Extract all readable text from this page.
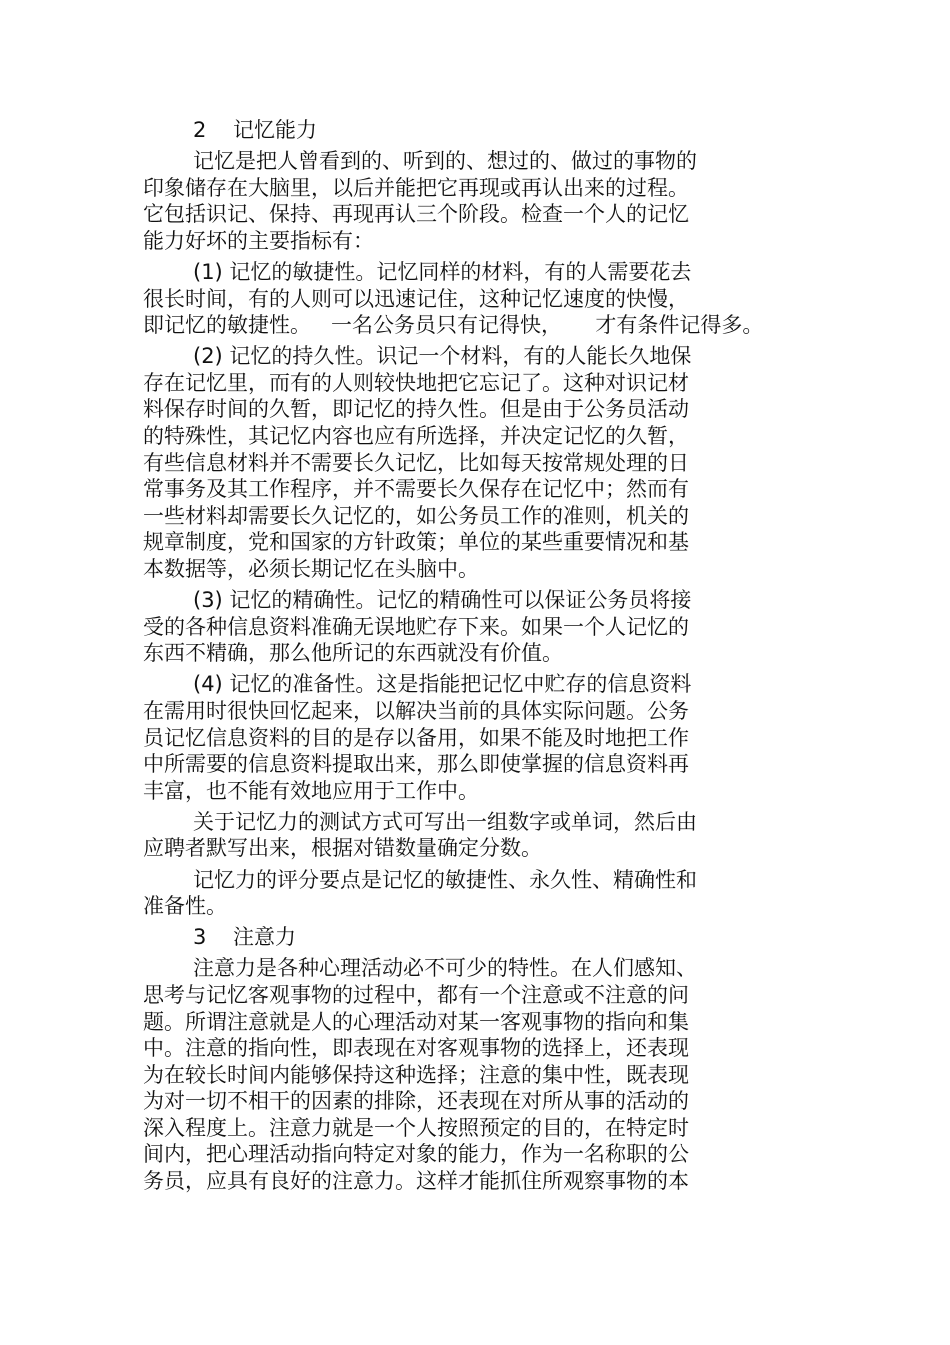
2 记忆能力
记忆是把人曾看到的、听到的、想过的、做过的事物的
印象储存在大脑里，以后并能把它再现或再认出来的过程。
它包括识记、保持、再现再认三个阶段。检查一个人的记忆
能力好坏的主要指标有：
(1) 记忆的敏捷性。记忆同样的材料，有的人需要花去
很长时间，有的人则可以迅速记住，这种记忆速度的快慢，
即记忆的敏捷性。   一名公务员只有记得快，     才有条件记得多。
(2) 记忆的持久性。识记一个材料，有的人能长久地保
存在记忆里，而有的人则较快地把它忘记了。这种对识记材
料保存时间的久暂，即记忆的持久性。但是由于公务员活动
的特殊性，其记忆内容也应有所选择，并决定记忆的久暂，
有些信息材料并不需要长久记忆，比如每天按常规处理的日
常事务及其工作程序，并不需要长久保存在记忆中；然而有
一些材料却需要长久记忆的，如公务员工作的准则，机关的
规章制度，党和国家的方针政策；单位的某些重要情况和基
本数据等，必须长期记忆在头脑中。
(3) 记忆的精确性。记忆的精确性可以保证公务员将接
受的各种信息资料准确无误地贮存下来。如果一个人记忆的
东西不精确，那么他所记的东西就没有价值。
(4) 记忆的准备性。这是指能把记忆中贮存的信息资料
在需用时很快回忆起来，以解决当前的具体实际问题。公务
员记忆信息资料的目的是存以备用，如果不能及时地把工作
中所需要的信息资料提取出来，那么即使掌握的信息资料再
丰富，也不能有效地应用于工作中。
关于记忆力的测试方式可写出一组数字或单词，然后由
应聘者默写出来，根据对错数量确定分数。
记忆力的评分要点是记忆的敏捷性、永久性、精确性和
准备性。
3 注意力
注意力是各种心理活动必不可少的特性。在人们感知、
思考与记忆客观事物的过程中，都有一个注意或不注意的问
题。所谓注意就是人的心理活动对某一客观事物的指向和集
中。注意的指向性，即表现在对客观事物的选择上，还表现
为在较长时间内能够保持这种选择；注意的集中性，既表现
为对一切不相干的因素的排除，还表现在对所从事的活动的
深入程度上。注意力就是一个人按照预定的目的，在特定时
间内，把心理活动指向特定对象的能力，作为一名称职的公
务员，应具有良好的注意力。这样才能抓住所观察事物的本
